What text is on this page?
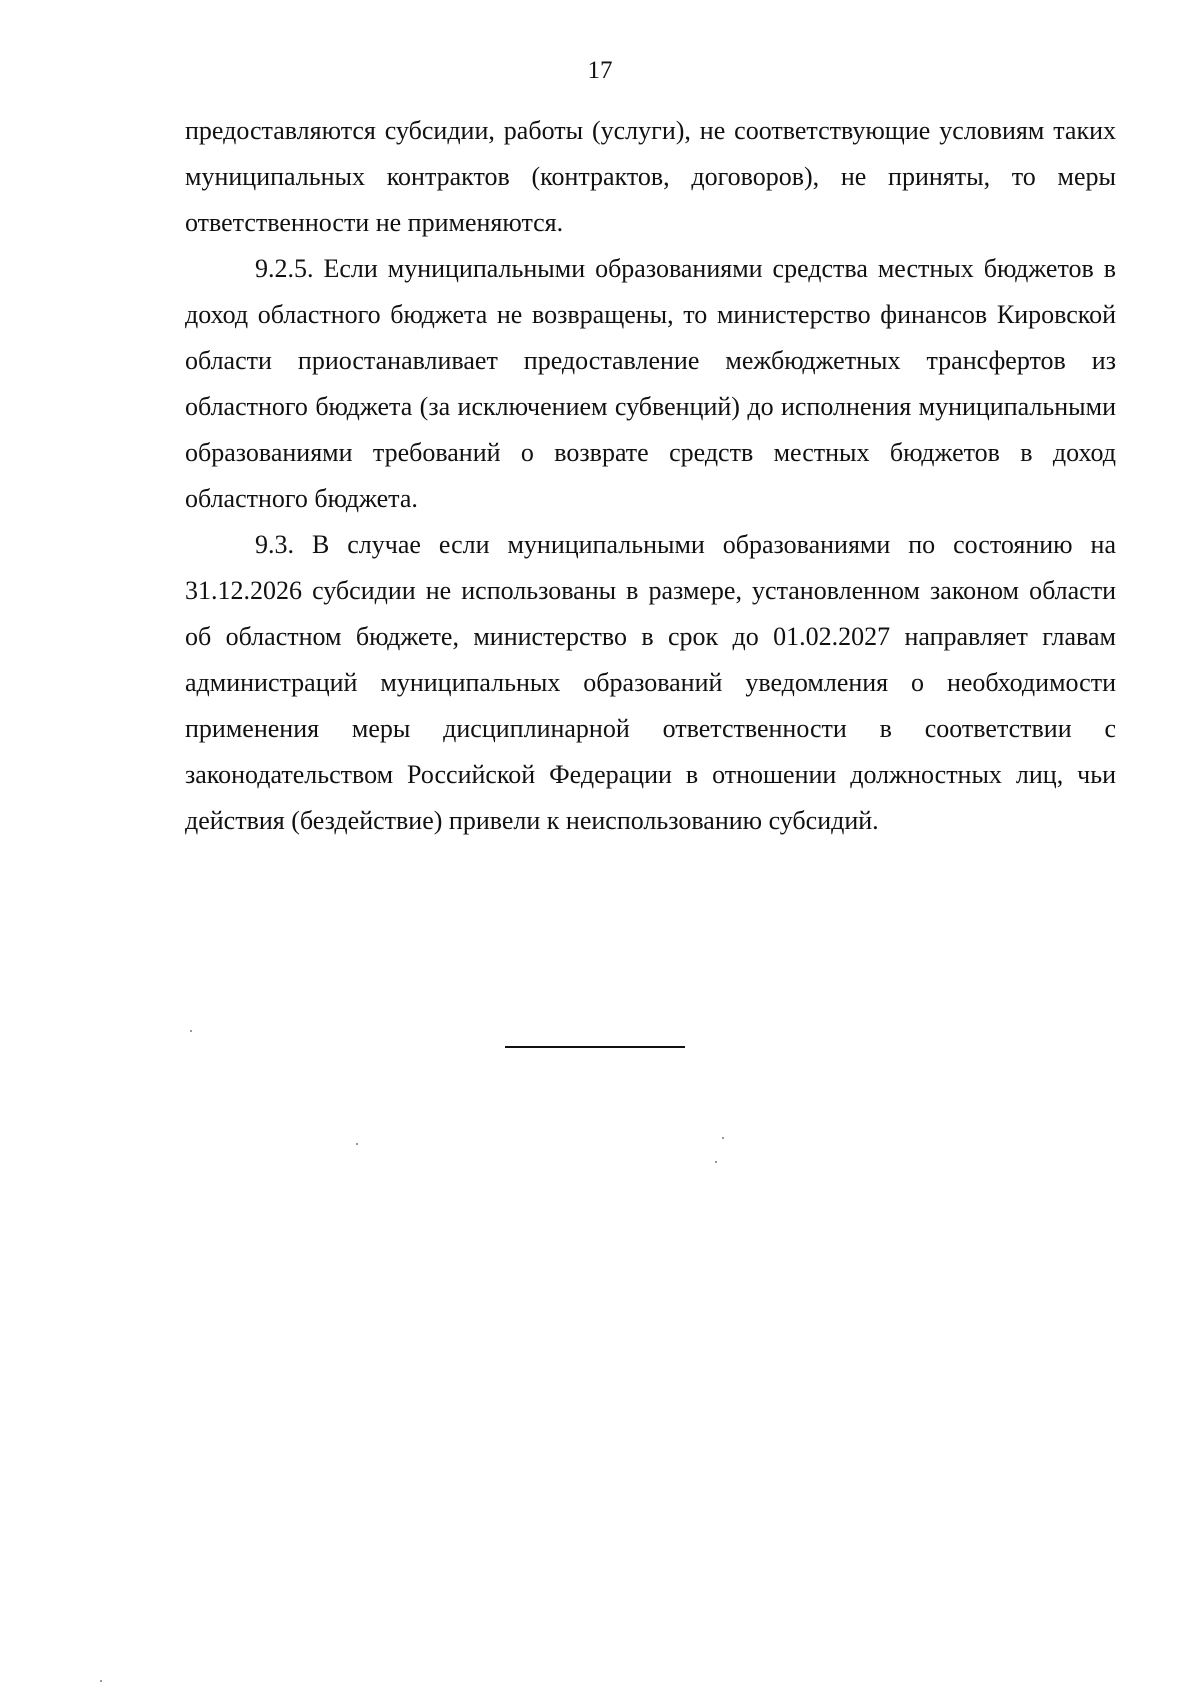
17

предоставляются субсидии, работы (услуги), не соответствующие условиям таких муниципальных контрактов (контрактов, договоров), не приняты, то меры ответственности не применяются.

9.2.5. Если муниципальными образованиями средства местных бюджетов в доход областного бюджета не возвращены, то министерство финансов Кировской области приостанавливает предоставление межбюджетных трансфертов из областного бюджета (за исключением субвенций) до исполнения муниципальными образованиями требований о возврате средств местных бюджетов в доход областного бюджета.

9.3. В случае если муниципальными образованиями по состоянию на 31.12.2026 субсидии не использованы в размере, установленном законом области об областном бюджете, министерство в срок до 01.02.2027 направляет главам администраций муниципальных образований уведомления о необходимости применения меры дисциплинарной ответственности в соответствии с законодательством Российской Федерации в отношении должностных лиц, чьи действия (бездействие) привели к неиспользованию субсидий.
